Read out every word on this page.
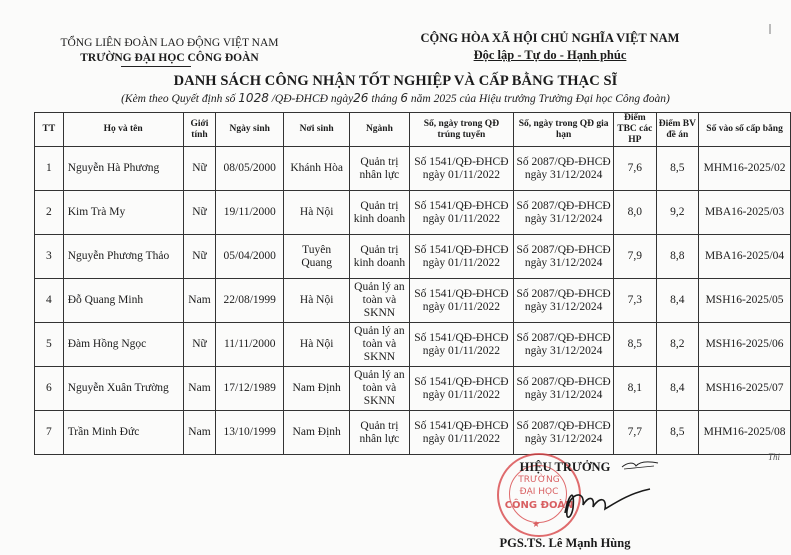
TỔNG LIÊN ĐOÀN LAO ĐỘNG VIỆT NAM
TRƯỜNG ĐẠI HỌC CÔNG ĐOÀN
CỘNG HÒA XÃ HỘI CHỦ NGHĨA VIỆT NAM
Độc lập - Tự do - Hạnh phúc
DANH SÁCH CÔNG NHẬN TỐT NGHIỆP VÀ CẤP BẰNG THẠC SĨ
(Kèm theo Quyết định số 1028 /QĐ-ĐHCĐ ngày26 tháng 6 năm 2025 của Hiệu trưởng Trường Đại học Công đoàn)
TT	Họ và tên	Giới tính	Ngày sinh	Nơi sinh	Ngành	Số, ngày trong QĐ trúng tuyển	Số, ngày trong QĐ gia hạn	Điểm TBC các HP	Điểm BV đề án	Số vào số cấp bằng
1	Nguyễn Hà Phương	Nữ	08/05/2000	Khánh Hòa	Quản trị nhân lực	Số 1541/QĐ-ĐHCĐ ngày 01/11/2022	Số 2087/QĐ-ĐHCĐ ngày 31/12/2024	7,6	8,5	MHM16-2025/02
2	Kim Trà My	Nữ	19/11/2000	Hà Nội	Quản trị kinh doanh	Số 1541/QĐ-ĐHCĐ ngày 01/11/2022	Số 2087/QĐ-ĐHCĐ ngày 31/12/2024	8,0	9,2	MBA16-2025/03
3	Nguyễn Phương Thảo	Nữ	05/04/2000	Tuyên Quang	Quản trị kinh doanh	Số 1541/QĐ-ĐHCĐ ngày 01/11/2022	Số 2087/QĐ-ĐHCĐ ngày 31/12/2024	7,9	8,8	MBA16-2025/04
4	Đỗ Quang Minh	Nam	22/08/1999	Hà Nội	Quản lý an toàn và SKNN	Số 1541/QĐ-ĐHCĐ ngày 01/11/2022	Số 2087/QĐ-ĐHCĐ ngày 31/12/2024	7,3	8,4	MSH16-2025/05
5	Đàm Hồng Ngọc	Nữ	11/11/2000	Hà Nội	Quản lý an toàn và SKNN	Số 1541/QĐ-ĐHCĐ ngày 01/11/2022	Số 2087/QĐ-ĐHCĐ ngày 31/12/2024	8,5	8,2	MSH16-2025/06
6	Nguyễn Xuân Trường	Nam	17/12/1989	Nam Định	Quản lý an toàn và SKNN	Số 1541/QĐ-ĐHCĐ ngày 01/11/2022	Số 2087/QĐ-ĐHCĐ ngày 31/12/2024	8,1	8,4	MSH16-2025/07
7	Trần Minh Đức	Nam	13/10/1999	Nam Định	Quản trị nhân lực	Số 1541/QĐ-ĐHCĐ ngày 01/11/2022	Số 2087/QĐ-ĐHCĐ ngày 31/12/2024	7,7	8,5	MHM16-2025/08
TRƯỜNG
ĐẠI HỌC
CÔNG ĐOÀN
★
HIỆU TRƯỞNG
PGS.TS. Lê Mạnh Hùng
Thi
